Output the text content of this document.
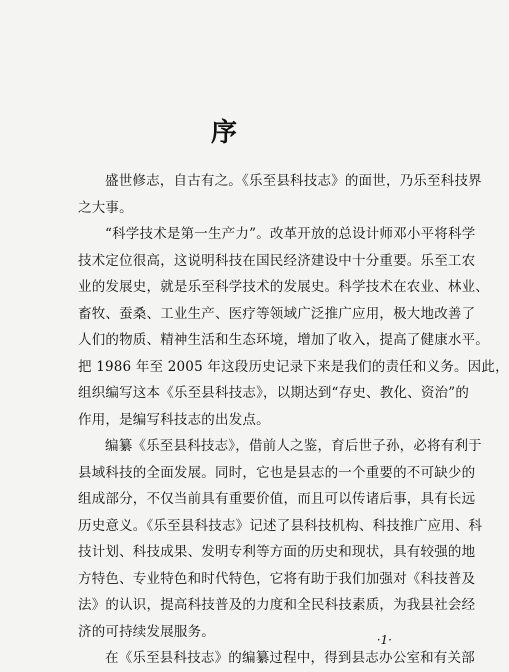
序
盛世修志，自古有之。《乐至县科技志》的面世，乃乐至科技界
之大事。
“科学技术是第一生产力”。改革开放的总设计师邓小平将科学
技术定位很高，这说明科技在国民经济建设中十分重要。乐至工农
业的发展史，就是乐至科学技术的发展史。科学技术在农业、林业、
畜牧、蚕桑、工业生产、医疗等领域广泛推广应用，极大地改善了
人们的物质、精神生活和生态环境，增加了收入，提高了健康水平。
把 1986 年至 2005 年这段历史记录下来是我们的责任和义务。因此，
组织编写这本《乐至县科技志》，以期达到“存史、教化、资治”的
作用，是编写科技志的出发点。
编纂《乐至县科技志》，借前人之鉴，育后世子孙，必将有利于
县域科技的全面发展。同时，它也是县志的一个重要的不可缺少的
组成部分，不仅当前具有重要价值，而且可以传诸后事，具有长远
历史意义。《乐至县科技志》记述了县科技机构、科技推广应用、科
技计划、科技成果、发明专利等方面的历史和现状，具有较强的地
方特色、专业特色和时代特色，它将有助于我们加强对《科技普及
法》的认识，提高科技普及的力度和全民科技素质，为我县社会经
济的可持续发展服务。
在《乐至县科技志》的编纂过程中，得到县志办公室和有关部
·1·
